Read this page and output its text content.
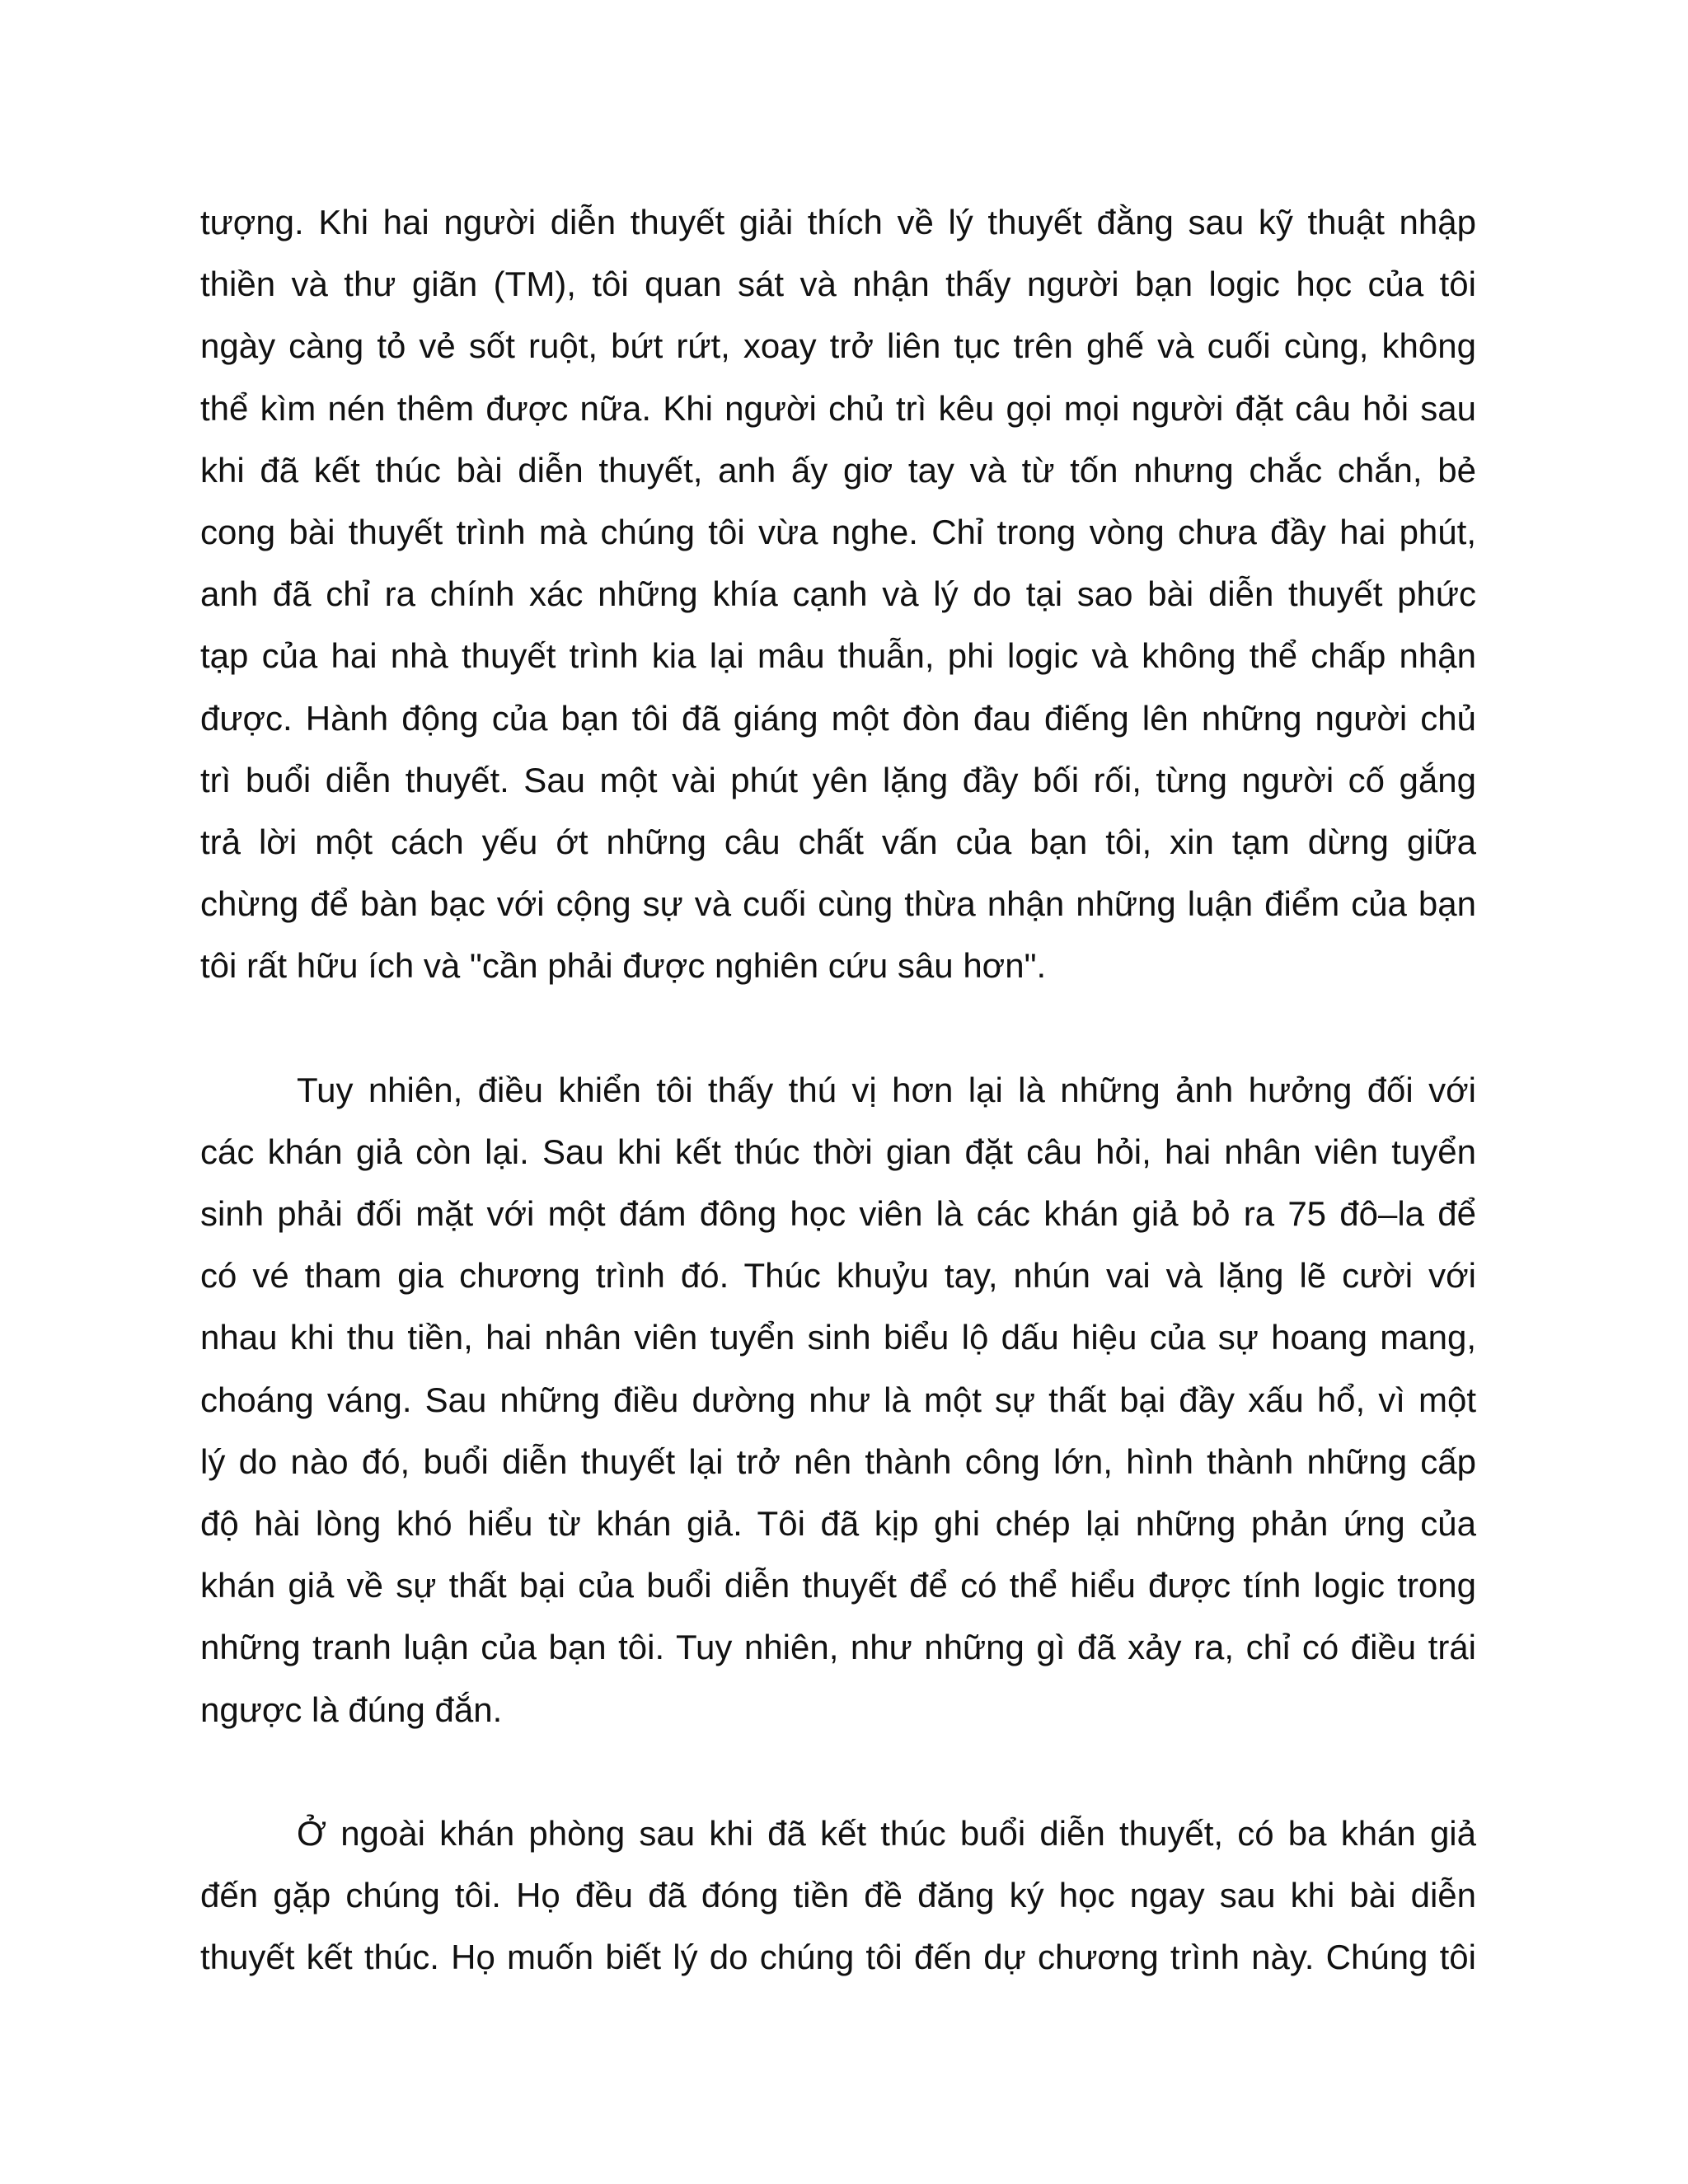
tượng. Khi hai người diễn thuyết giải thích về lý thuyết đằng sau kỹ thuật nhập
thiền và thư giãn (TM), tôi quan sát và nhận thấy người bạn logic học của tôi
ngày càng tỏ vẻ sốt ruột, bứt rứt, xoay trở liên tục trên ghế và cuối cùng, không
thể kìm nén thêm được nữa. Khi người chủ trì kêu gọi mọi người đặt câu hỏi sau
khi đã kết thúc bài diễn thuyết, anh ấy giơ tay và từ tốn nhưng chắc chắn, bẻ
cong bài thuyết trình mà chúng tôi vừa nghe. Chỉ trong vòng chưa đầy hai phút,
anh đã chỉ ra chính xác những khía cạnh và lý do tại sao bài diễn thuyết phức
tạp của hai nhà thuyết trình kia lại mâu thuẫn, phi logic và không thể chấp nhận
được. Hành động của bạn tôi đã giáng một đòn đau điếng lên những người chủ
trì buổi diễn thuyết. Sau một vài phút yên lặng đầy bối rối, từng người cố gắng
trả lời một cách yếu ớt những câu chất vấn của bạn tôi, xin tạm dừng giữa
chừng để bàn bạc với cộng sự và cuối cùng thừa nhận những luận điểm của bạn
tôi rất hữu ích và "cần phải được nghiên cứu sâu hơn".

Tuy nhiên, điều khiển tôi thấy thú vị hơn lại là những ảnh hưởng đối với
các khán giả còn lại. Sau khi kết thúc thời gian đặt câu hỏi, hai nhân viên tuyển
sinh phải đối mặt với một đám đông học viên là các khán giả bỏ ra 75 đô–la để
có vé tham gia chương trình đó. Thúc khuỷu tay, nhún vai và lặng lẽ cười với
nhau khi thu tiền, hai nhân viên tuyển sinh biểu lộ dấu hiệu của sự hoang mang,
choáng váng. Sau những điều dường như là một sự thất bại đầy xấu hổ, vì một
lý do nào đó, buổi diễn thuyết lại trở nên thành công lớn, hình thành những cấp
độ hài lòng khó hiểu từ khán giả. Tôi đã kịp ghi chép lại những phản ứng của
khán giả về sự thất bại của buổi diễn thuyết để có thể hiểu được tính logic trong
những tranh luận của bạn tôi. Tuy nhiên, như những gì đã xảy ra, chỉ có điều trái
ngược là đúng đắn.

Ở ngoài khán phòng sau khi đã kết thúc buổi diễn thuyết, có ba khán giả
đến gặp chúng tôi. Họ đều đã đóng tiền đề đăng ký học ngay sau khi bài diễn
thuyết kết thúc. Họ muốn biết lý do chúng tôi đến dự chương trình này. Chúng tôi
